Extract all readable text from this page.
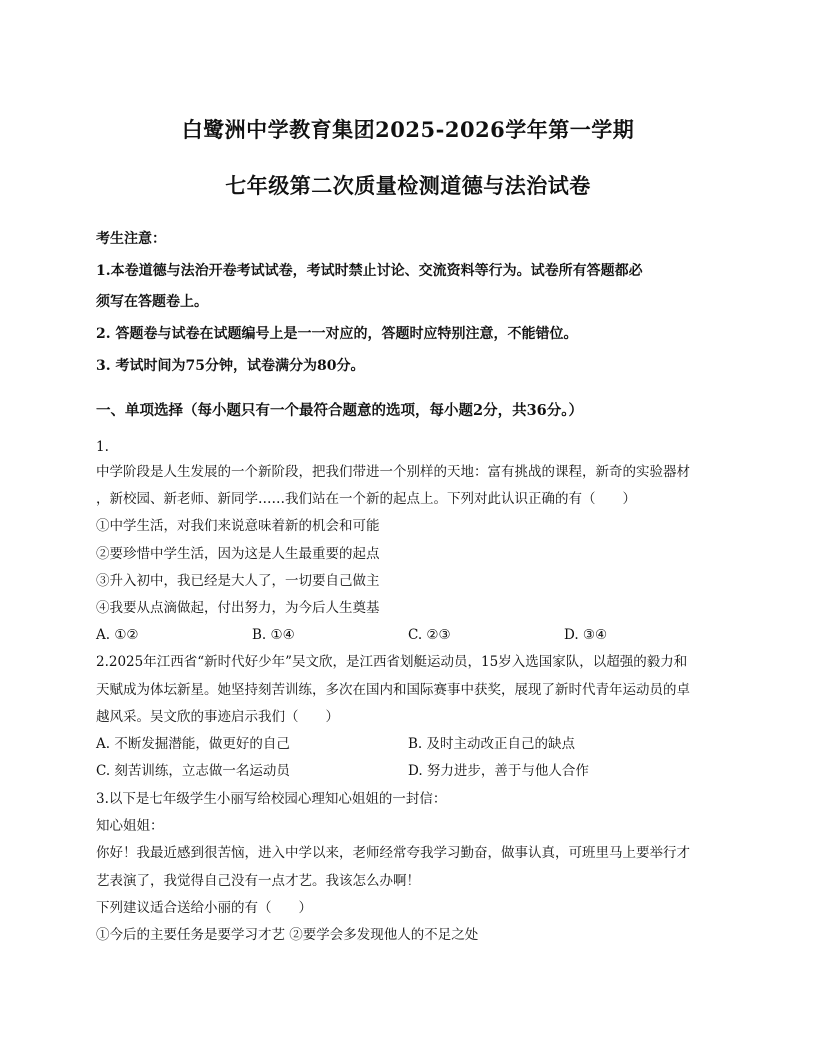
白鹭洲中学教育集团2025-2026学年第一学期
七年级第二次质量检测道德与法治试卷
考生注意：
1.本卷道德与法治开卷考试试卷，考试时禁止讨论、交流资料等行为。试卷所有答题都必
须写在答题卷上。
2. 答题卷与试卷在试题编号上是一一对应的，答题时应特别注意，不能错位。
3. 考试时间为75分钟，试卷满分为80分。
一、单项选择（每小题只有一个最符合题意的选项，每小题2分，共36分。）
1.
中学阶段是人生发展的一个新阶段，把我们带进一个别样的天地：富有挑战的课程，新奇的实验器材
，新校园、新老师、新同学……我们站在一个新的起点上。下列对此认识正确的有（　　）
①中学生活，对我们来说意味着新的机会和可能
②要珍惜中学生活，因为这是人生最重要的起点
③升入初中，我已经是大人了，一切要自己做主
④我要从点滴做起，付出努力，为今后人生奠基
A. ①②	B. ①④	C. ②③	D. ③④
2.2025年江西省“新时代好少年”吴文欣，是江西省划艇运动员，15岁入选国家队，以超强的毅力和
天赋成为体坛新星。她坚持刻苦训练，多次在国内和国际赛事中获奖，展现了新时代青年运动员的卓
越风采。吴文欣的事迹启示我们（　　）
A. 不断发掘潜能，做更好的自己	B. 及时主动改正自己的缺点
C. 刻苦训练，立志做一名运动员	D. 努力进步，善于与他人合作
3.以下是七年级学生小丽写给校园心理知心姐姐的一封信：
知心姐姐：
你好！我最近感到很苦恼，进入中学以来，老师经常夸我学习勤奋，做事认真，可班里马上要举行才
艺表演了，我觉得自己没有一点才艺。我该怎么办啊！
下列建议适合送给小丽的有（　　）
①今后的主要任务是要学习才艺 ②要学会多发现他人的不足之处
